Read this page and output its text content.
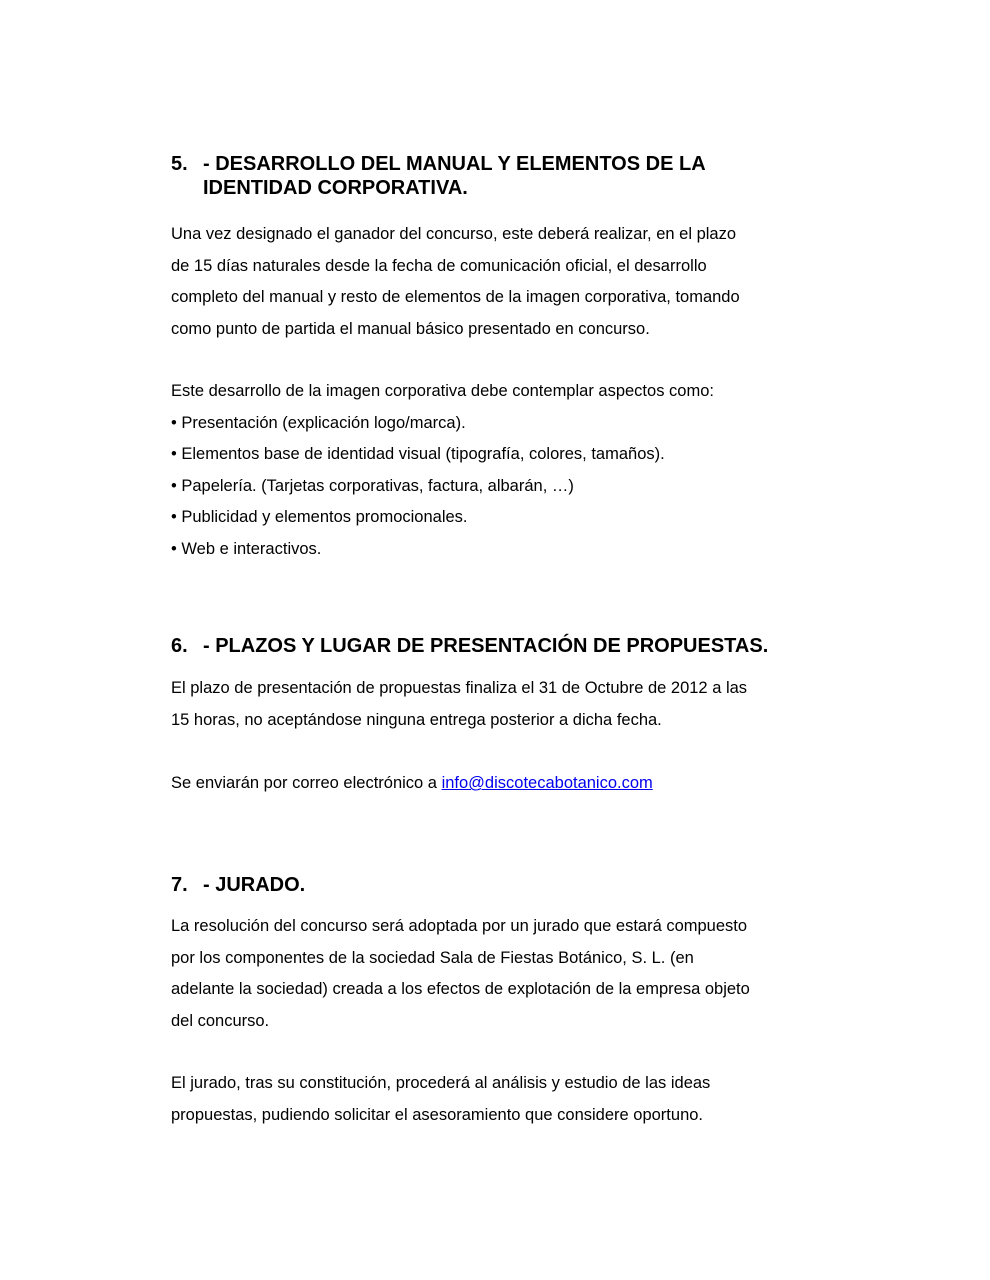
5. - DESARROLLO DEL MANUAL Y ELEMENTOS DE LA
IDENTIDAD CORPORATIVA.
Una vez designado el ganador del concurso, este deberá realizar, en el plazo
de 15 días naturales desde la fecha de comunicación oficial, el desarrollo
completo del manual y resto de elementos de la imagen corporativa, tomando
como punto de partida el manual básico presentado en concurso.
Este desarrollo de la imagen corporativa debe contemplar aspectos como:
• Presentación (explicación logo/marca).
• Elementos base de identidad visual (tipografía, colores, tamaños).
• Papelería. (Tarjetas corporativas, factura, albarán, …)
• Publicidad y elementos promocionales.
• Web e interactivos.
6. - PLAZOS Y LUGAR DE PRESENTACIÓN DE PROPUESTAS.
El plazo de presentación de propuestas finaliza el 31 de Octubre de 2012 a las
15 horas, no aceptándose ninguna entrega posterior a dicha fecha.
Se enviarán por correo electrónico a info@discotecabotanico.com
7. - JURADO.
La resolución del concurso será adoptada por un jurado que estará compuesto
por los componentes de la sociedad Sala de Fiestas Botánico, S. L. (en
adelante la sociedad) creada a los efectos de explotación de la empresa objeto
del concurso.
El jurado, tras su constitución, procederá al análisis y estudio de las ideas
propuestas, pudiendo solicitar el asesoramiento que considere oportuno.
